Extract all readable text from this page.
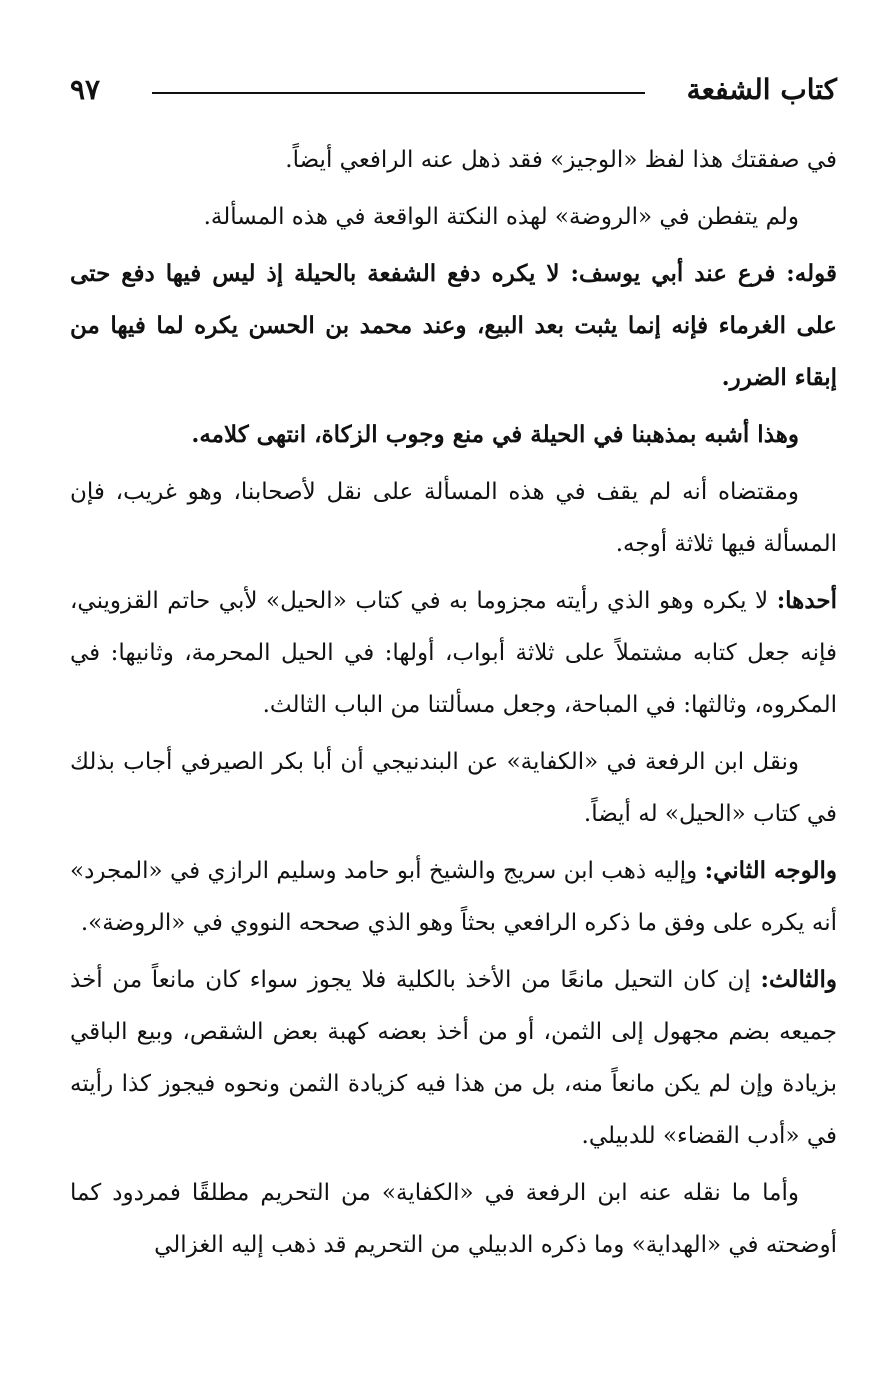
كتاب الشفعة
٩٧

في صفقتك هذا لفظ «الوجيز» فقد ذهل عنه الرافعي أيضاً.

ولم يتفطن في «الروضة» لهذه النكتة الواقعة في هذه المسألة.

قوله: فرع عند أبي يوسف: لا يكره دفع الشفعة بالحيلة إذ ليس فيها دفع حتى على الغرماء فإنه إنما يثبت بعد البيع، وعند محمد بن الحسن يكره لما فيها من إبقاء الضرر.

وهذا أشبه بمذهبنا في الحيلة في منع وجوب الزكاة، انتهى كلامه.

ومقتضاه أنه لم يقف في هذه المسألة على نقل لأصحابنا، وهو غريب، فإن المسألة فيها ثلاثة أوجه.

أحدها: لا يكره وهو الذي رأيته مجزوما به في كتاب «الحيل» لأبي حاتم القزويني، فإنه جعل كتابه مشتملاً على ثلاثة أبواب، أولها: في الحيل المحرمة، وثانيها: في المكروه، وثالثها: في المباحة، وجعل مسألتنا من الباب الثالث.

ونقل ابن الرفعة في «الكفاية» عن البندنيجي أن أبا بكر الصيرفي أجاب بذلك في كتاب «الحيل» له أيضاً.

والوجه الثاني: وإليه ذهب ابن سريج والشيخ أبو حامد وسليم الرازي في «المجرد» أنه يكره على وفق ما ذكره الرافعي بحثاً وهو الذي صححه النووي في «الروضة».

والثالث: إن كان التحيل مانعًا من الأخذ بالكلية فلا يجوز سواء كان مانعاً من أخذ جميعه بضم مجهول إلى الثمن، أو من أخذ بعضه كهبة بعض الشقص، وبيع الباقي بزيادة وإن لم يكن مانعاً منه، بل من هذا فيه كزيادة الثمن ونحوه فيجوز كذا رأيته في «أدب القضاء» للدبيلي.

وأما ما نقله عنه ابن الرفعة في «الكفاية» من التحريم مطلقًا فمردود كما أوضحته في «الهداية» وما ذكره الدبيلي من التحريم قد ذهب إليه الغزالي
